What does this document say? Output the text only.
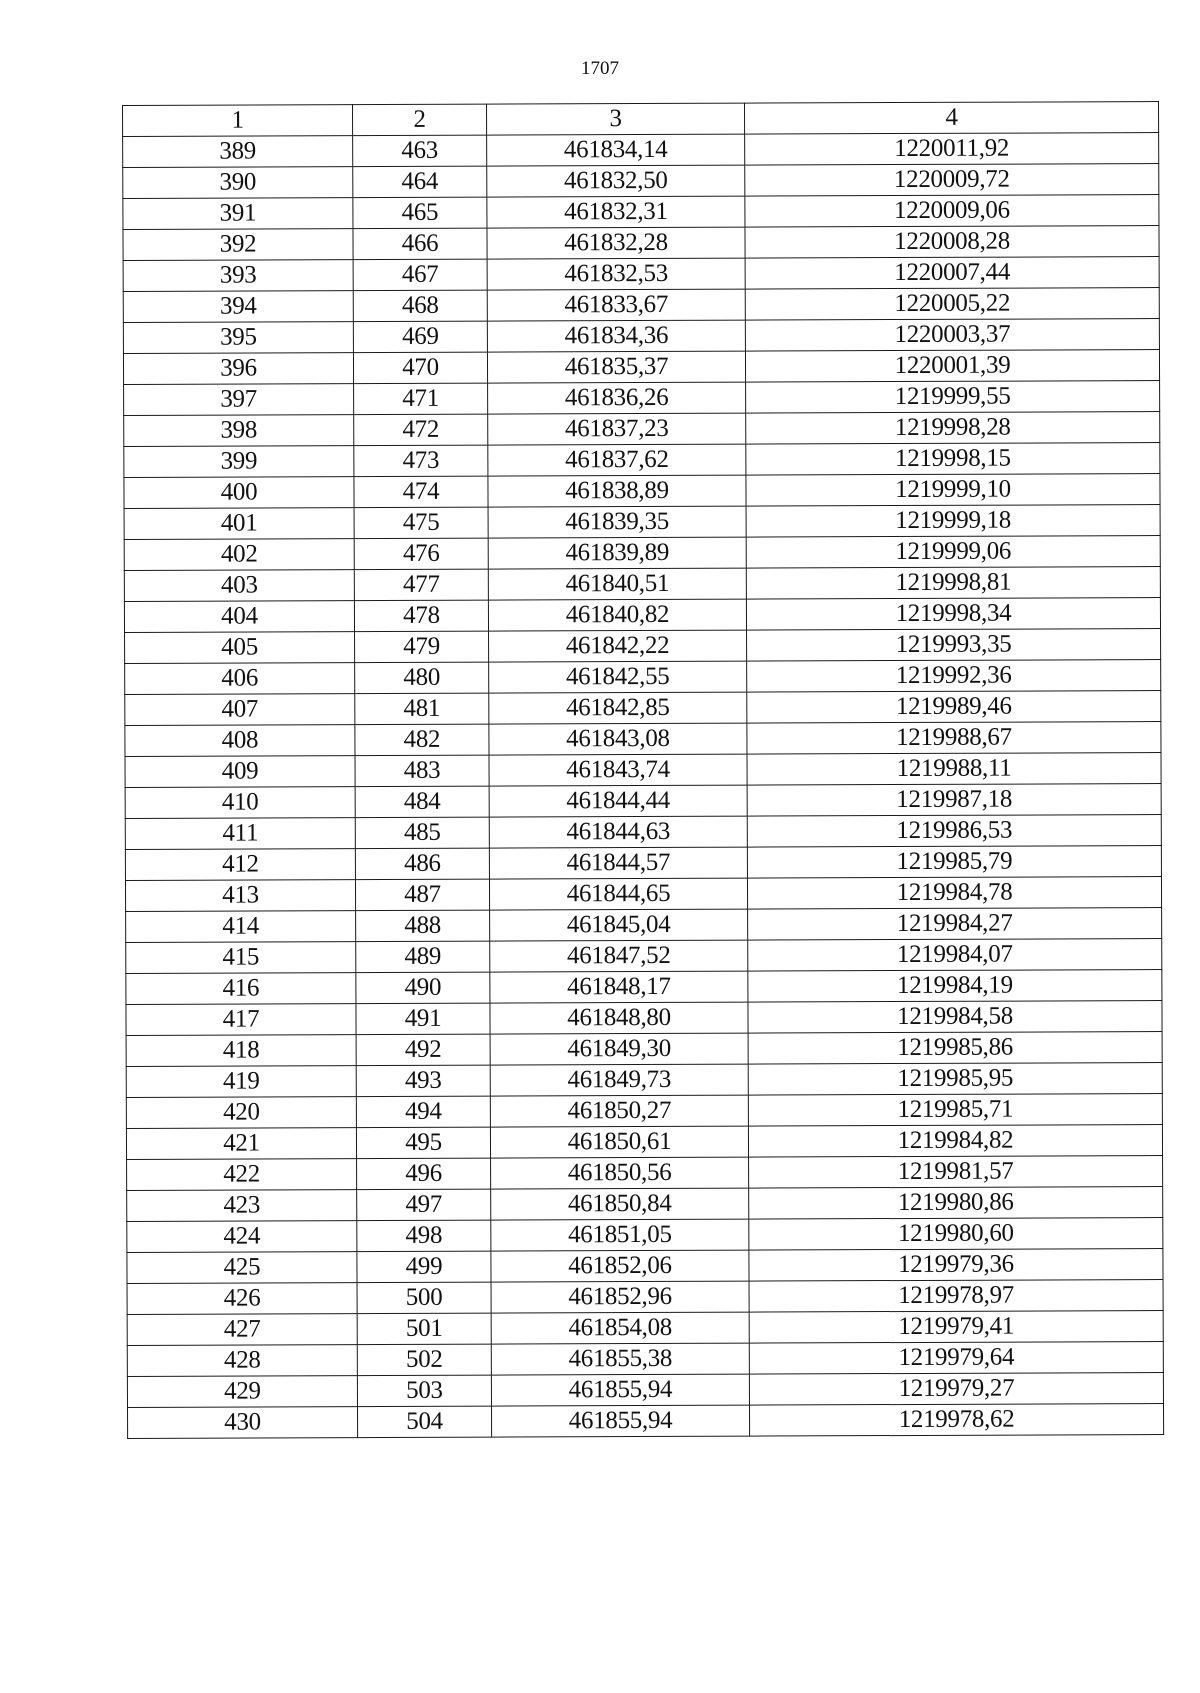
1707
1	2	3	4
389	463	461834,14	1220011,92
390	464	461832,50	1220009,72
391	465	461832,31	1220009,06
392	466	461832,28	1220008,28
393	467	461832,53	1220007,44
394	468	461833,67	1220005,22
395	469	461834,36	1220003,37
396	470	461835,37	1220001,39
397	471	461836,26	1219999,55
398	472	461837,23	1219998,28
399	473	461837,62	1219998,15
400	474	461838,89	1219999,10
401	475	461839,35	1219999,18
402	476	461839,89	1219999,06
403	477	461840,51	1219998,81
404	478	461840,82	1219998,34
405	479	461842,22	1219993,35
406	480	461842,55	1219992,36
407	481	461842,85	1219989,46
408	482	461843,08	1219988,67
409	483	461843,74	1219988,11
410	484	461844,44	1219987,18
411	485	461844,63	1219986,53
412	486	461844,57	1219985,79
413	487	461844,65	1219984,78
414	488	461845,04	1219984,27
415	489	461847,52	1219984,07
416	490	461848,17	1219984,19
417	491	461848,80	1219984,58
418	492	461849,30	1219985,86
419	493	461849,73	1219985,95
420	494	461850,27	1219985,71
421	495	461850,61	1219984,82
422	496	461850,56	1219981,57
423	497	461850,84	1219980,86
424	498	461851,05	1219980,60
425	499	461852,06	1219979,36
426	500	461852,96	1219978,97
427	501	461854,08	1219979,41
428	502	461855,38	1219979,64
429	503	461855,94	1219979,27
430	504	461855,94	1219978,62
